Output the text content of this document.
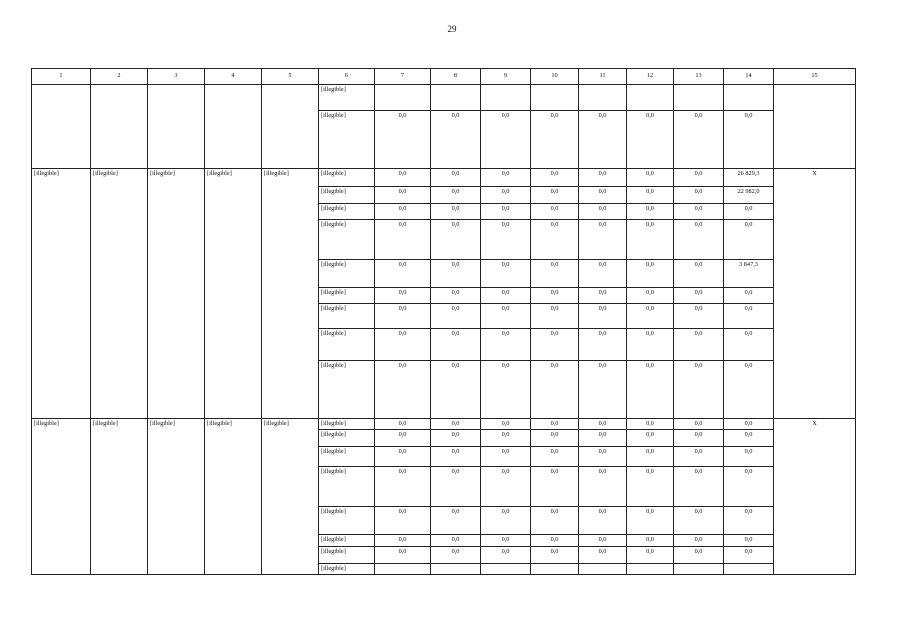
29
1	2	3	4	5	6	7	8	9	10	11	12	13	14	15
					[illegible]									
					[illegible]	0,0	0,0	0,0	0,0	0,0	0,0	0,0	0,0	
[illegible]	[illegible]	[illegible]	[illegible]	[illegible]	[illegible]	0,0	0,0	0,0	0,0	0,0	0,0	0,0	26 829,3	X
					[illegible]	0,0	0,0	0,0	0,0	0,0	0,0	0,0	22 982,0	
					[illegible]	0,0	0,0	0,0	0,0	0,0	0,0	0,0	0,0	
					[illegible]	0,0	0,0	0,0	0,0	0,0	0,0	0,0	0,0	
					[illegible]	0,0	0,0	0,0	0,0	0,0	0,0	0,0	3 847,3	
					[illegible]	0,0	0,0	0,0	0,0	0,0	0,0	0,0	0,0	
					[illegible]	0,0	0,0	0,0	0,0	0,0	0,0	0,0	0,0	
					[illegible]	0,0	0,0	0,0	0,0	0,0	0,0	0,0	0,0	
					[illegible]	0,0	0,0	0,0	0,0	0,0	0,0	0,0	0,0	
[illegible]	[illegible]	[illegible]	[illegible]	[illegible]	[illegible]	0,0	0,0	0,0	0,0	0,0	0,0	0,0	0,0	X
					[illegible]	0,0	0,0	0,0	0,0	0,0	0,0	0,0	0,0	
					[illegible]	0,0	0,0	0,0	0,0	0,0	0,0	0,0	0,0	
					[illegible]	0,0	0,0	0,0	0,0	0,0	0,0	0,0	0,0	
					[illegible]	0,0	0,0	0,0	0,0	0,0	0,0	0,0	0,0	
					[illegible]	0,0	0,0	0,0	0,0	0,0	0,0	0,0	0,0	
					[illegible]	0,0	0,0	0,0	0,0	0,0	0,0	0,0	0,0	
					[illegible]									
